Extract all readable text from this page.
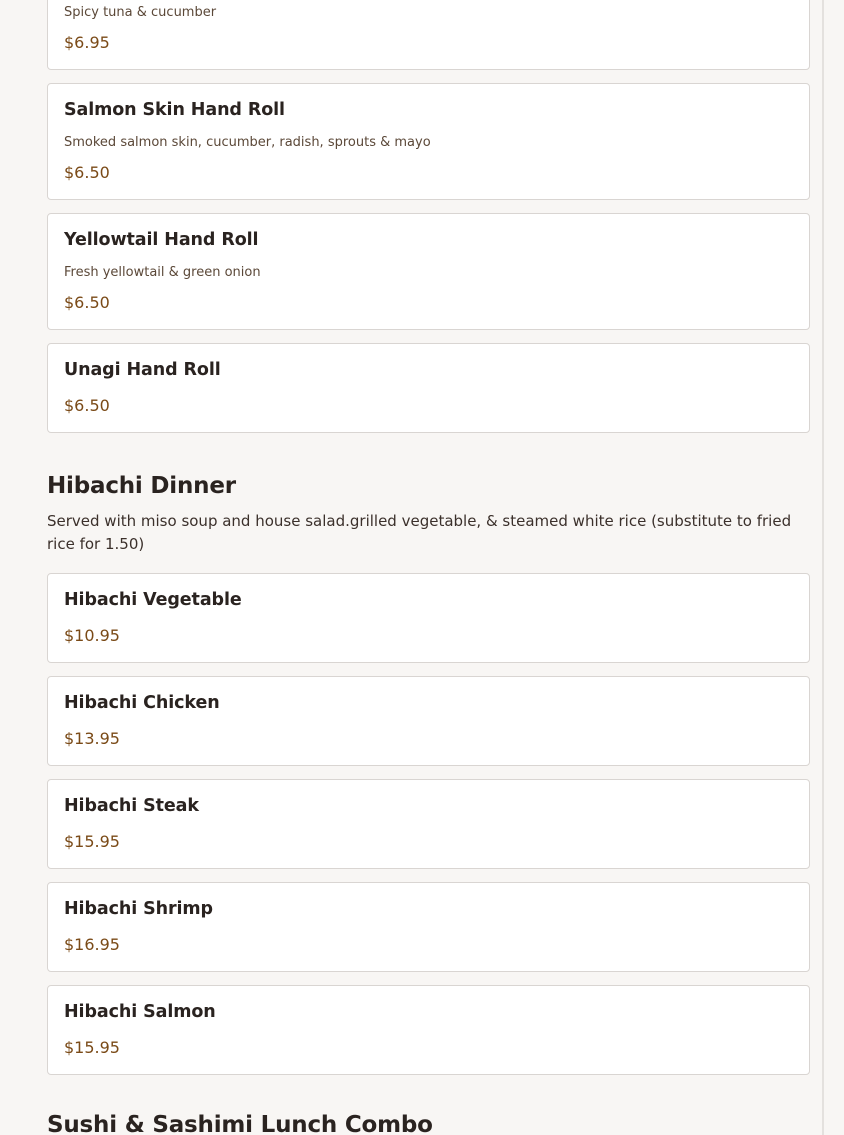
Spicy tuna & cucumber
$6.95
Salmon Skin Hand Roll
Smoked salmon skin, cucumber, radish, sprouts & mayo
$6.50
Yellowtail Hand Roll
Fresh yellowtail & green onion
$6.50
Unagi Hand Roll
$6.50
Hibachi Dinner

Served with miso soup and house salad.grilled vegetable, & steamed white rice (substitute to fried rice for 1.50)

Hibachi Vegetable
$10.95
Hibachi Chicken
$13.95
Hibachi Steak
$15.95
Hibachi Shrimp
$16.95
Hibachi Salmon
$15.95
Sushi & Sashimi Lunch Combo
